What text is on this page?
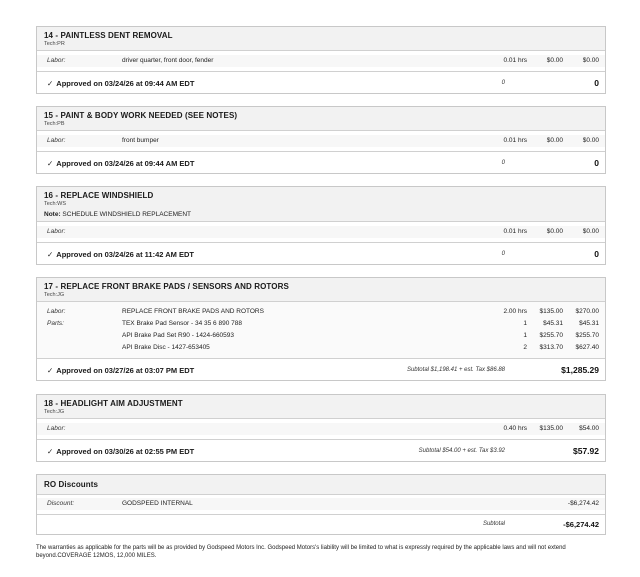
14 - PAINTLESS DENT REMOVAL
Tech:PR
Labor:	driver quarter, front door, fender	0.01 hrs	$0.00	$0.00
✓ Approved on 03/24/26 at 09:44 AM EDT	0	0
15 - PAINT & BODY WORK NEEDED (SEE NOTES)
Tech:PB
Labor:	front bumper	0.01 hrs	$0.00	$0.00
✓ Approved on 03/24/26 at 09:44 AM EDT	0	0
16 - REPLACE WINDSHIELD
Tech:WS
Note: SCHEDULE WINDSHIELD REPLACEMENT
Labor:	0.01 hrs	$0.00	$0.00
✓ Approved on 03/24/26 at 11:42 AM EDT	0	0
17 - REPLACE FRONT BRAKE PADS / SENSORS AND ROTORS
Tech:JG
Labor:	REPLACE FRONT BRAKE PADS AND ROTORS	2.00 hrs $135.00 $270.00
Parts:	TEX Brake Pad Sensor - 34 35 6 890 788	1 $45.31 $45.31
API Brake Pad Set R90 - 1424-660593	1 $255.70 $255.70
API Brake Disc - 1427-653405	2 $313.70 $627.40
✓ Approved on 03/27/26 at 03:07 PM EDT	Subtotal $1,198.41 + est. Tax $86.88	$1,285.29
18 - HEADLIGHT AIM ADJUSTMENT
Tech:JG
Labor:	0.40 hrs $135.00 $54.00
✓ Approved on 03/30/26 at 02:55 PM EDT	Subtotal $54.00 + est. Tax $3.92	$57.92
RO Discounts
Discount:	GODSPEED INTERNAL	-$6,274.42
Subtotal	-$6,274.42
The warranties as applicable for the parts will be as provided by Godspeed Motors Inc. Godspeed Motors's liability will be limited to what is expressly required by the applicable laws and will not extend beyond.COVERAGE 12MOS, 12,000 MILES.
